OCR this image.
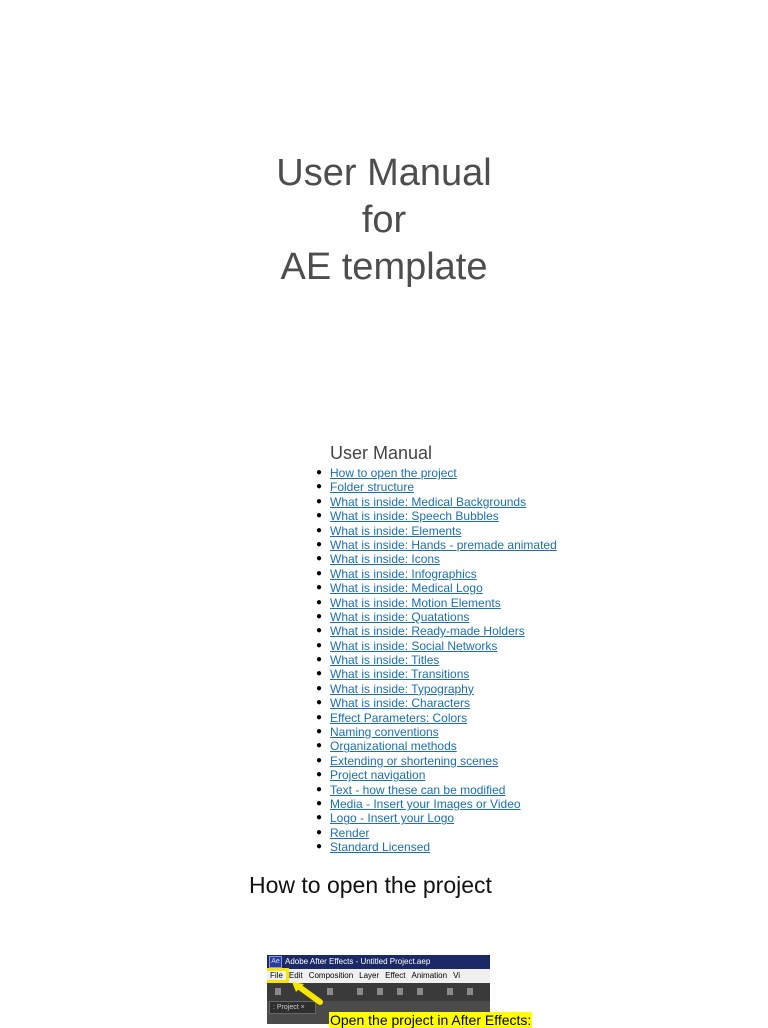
User Manual
for
AE template
User Manual
● How to open the project
● Folder structure
● What is inside: Medical Backgrounds
● What is inside: Speech Bubbles
● What is inside: Elements
● What is inside: Hands - premade animated
● What is inside: Icons
● What is inside: Infographics
● What is inside: Medical Logo
● What is inside: Motion Elements
● What is inside: Quatations
● What is inside: Ready-made Holders
● What is inside: Social Networks
● What is inside: Titles
● What is inside: Transitions
● What is inside: Typography
● What is inside: Characters
● Effect Parameters: Colors
● Naming conventions
● Organizational methods
● Extending or shortening scenes
● Project navigation
● Text - how these can be modified
● Media - Insert your Images or Video
● Logo - Insert your Logo
● Render
● Standard Licensed
How to open the project
Ae Adobe After Effects - Untitled Project.aep
File Edit Composition Layer Effect Animation Vi
: Project ×
Open the project in After Effects:
